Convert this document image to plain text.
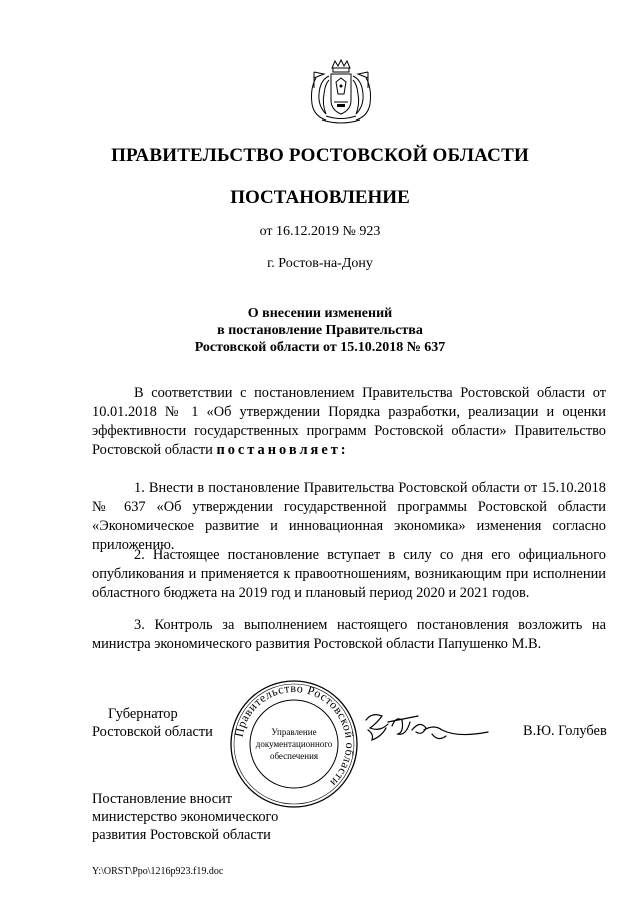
ПРАВИТЕЛЬСТВО РОСТОВСКОЙ ОБЛАСТИ
ПОСТАНОВЛЕНИЕ
от 16.12.2019 № 923
г. Ростов-на-Дону
О внесении изменений
в постановление Правительства
Ростовской области от 15.10.2018 № 637
В соответствии с постановлением Правительства Ростовской области от 10.01.2018 № 1 «Об утверждении Порядка разработки, реализации и оценки эффективности государственных программ Ростовской области» Правительство Ростовской области постановляет:
1. Внести в постановление Правительства Ростовской области от 15.10.2018 № 637 «Об утверждении государственной программы Ростовской области «Экономическое развитие и инновационная экономика» изменения согласно приложению.
2. Настоящее постановление вступает в силу со дня его официального опубликования и применяется к правоотношениям, возникающим при исполнении областного бюджета на 2019 год и плановый период 2020 и 2021 годов.
3. Контроль за выполнением настоящего постановления возложить на министра экономического развития Ростовской области Папушенко М.В.
Губернатор
Ростовской области Правительство Ростовской области
Управление
документационного
обеспечения
В.Ю. Голубев
Постановление вносит
министерство экономического
развития Ростовской области
Y:\ORST\Ppo\1216p923.f19.doc
